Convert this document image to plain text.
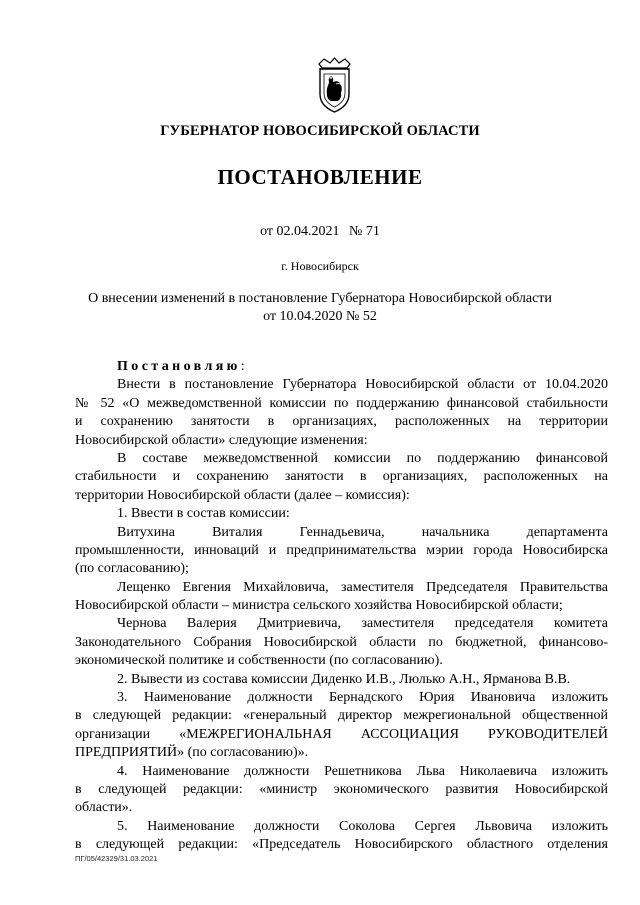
ГУБЕРНАТОР НОВОСИБИРСКОЙ ОБЛАСТИ
ПОСТАНОВЛЕНИЕ
от 02.04.2021 № 71
г. Новосибирск
О внесении изменений в постановление Губернатора Новосибирской области
от 10.04.2020 № 52
Постановляю:
Внести в постановление Губернатора Новосибирской области от 10.04.2020
№ 52 «О межведомственной комиссии по поддержанию финансовой стабильности
и сохранению занятости в организациях, расположенных на территории
Новосибирской области» следующие изменения:
В составе межведомственной комиссии по поддержанию финансовой
стабильности и сохранению занятости в организациях, расположенных на
территории Новосибирской области (далее – комиссия):
1. Ввести в состав комиссии:
Витухина Виталия Геннадьевича, начальника департамента
промышленности, инноваций и предпринимательства мэрии города Новосибирска
(по согласованию);
Лещенко Евгения Михайловича, заместителя Председателя Правительства
Новосибирской области – министра сельского хозяйства Новосибирской области;
Чернова Валерия Дмитриевича, заместителя председателя комитета
Законодательного Собрания Новосибирской области по бюджетной, финансово-
экономической политике и собственности (по согласованию).
2. Вывести из состава комиссии Диденко И.В., Люлько А.Н., Ярманова В.В.
3. Наименование должности Бернадского Юрия Ивановича изложить
в следующей редакции: «генеральный директор межрегиональной общественной
организации «МЕЖРЕГИОНАЛЬНАЯ АССОЦИАЦИЯ РУКОВОДИТЕЛЕЙ
ПРЕДПРИЯТИЙ» (по согласованию)».
4. Наименование должности Решетникова Льва Николаевича изложить
в следующей редакции: «министр экономического развития Новосибирской
области».
5. Наименование должности Соколова Сергея Львовича изложить
в следующей редакции: «Председатель Новосибирского областного отделения
ПГ/05/42329/31.03.2021
